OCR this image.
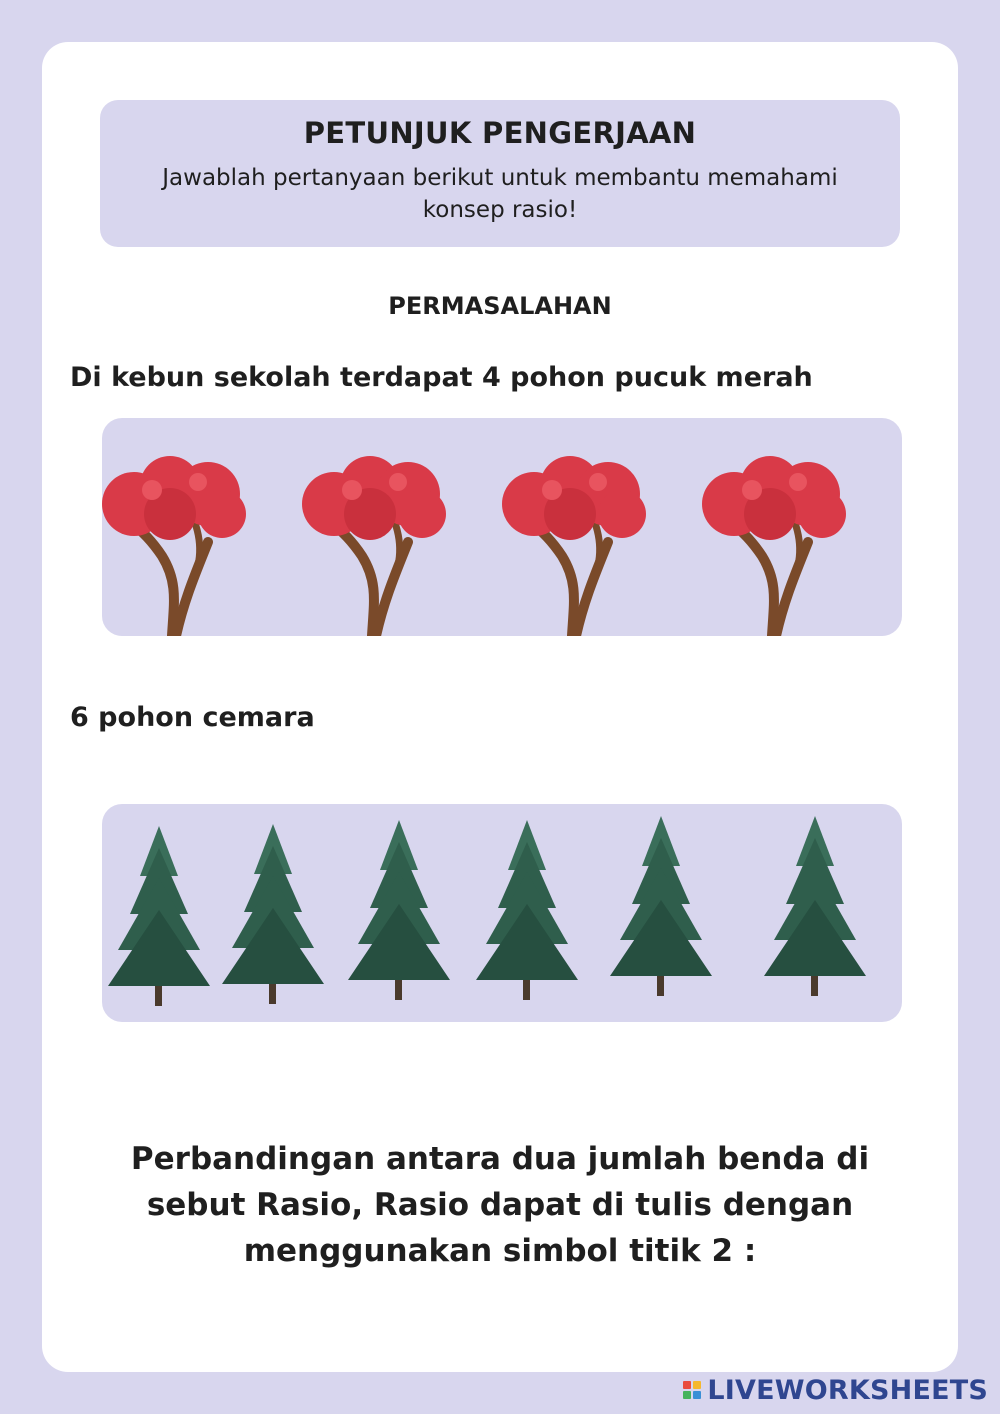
PETUNJUK PENGERJAAN

Jawablah pertanyaan berikut untuk membantu memahami konsep rasio!

PERMASALAHAN
Di kebun sekolah terdapat 4 pohon pucuk merah
6 pohon cemara
Perbandingan antara dua jumlah benda di sebut Rasio, Rasio dapat di tulis dengan menggunakan simbol titik 2 :
LIVEWORKSHEETS
